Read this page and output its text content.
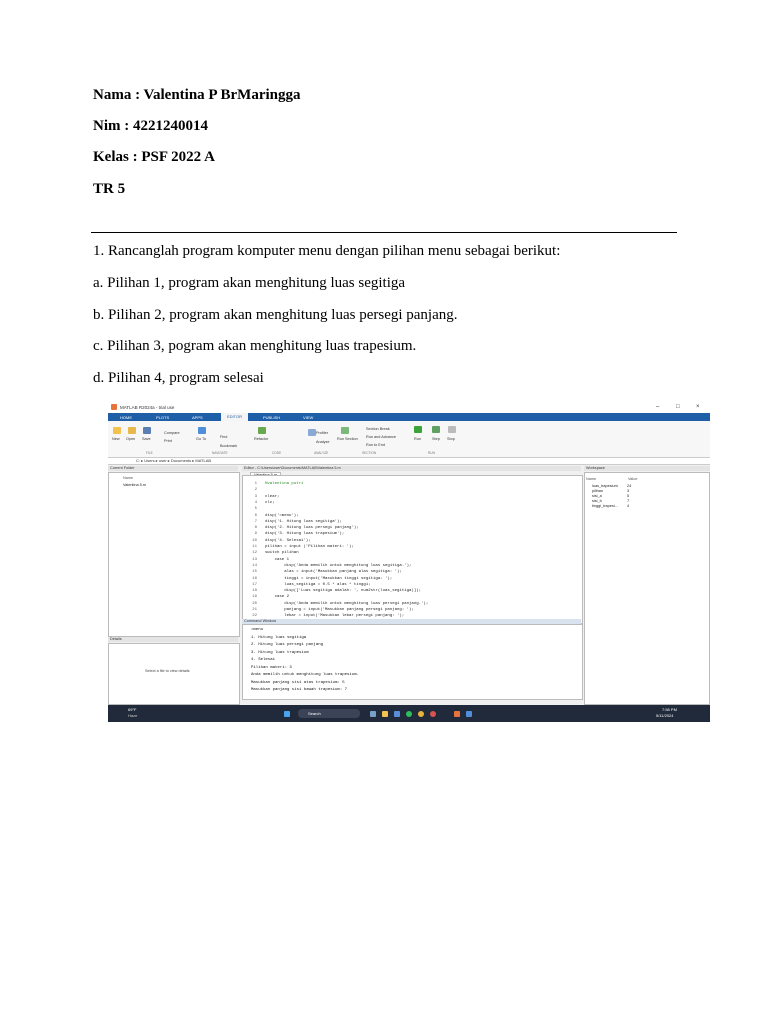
Nama : Valentina P BrMaringga
Nim : 4221240014
Kelas : PSF 2022 A
TR 5
1. Rancanglah program komputer menu dengan pilihan menu sebagai berikut:
a. Pilihan 1, program akan menghitung luas segitiga
b. Pilihan 2, program akan menghitung luas persegi panjang.
c. Pilihan 3, pogram akan menghitung luas trapesium.
d. Pilihan 4, program selesai
MATLAB R2024a - trial use	–	□	×
HOME	PLOTS	APPS	EDITOR	PUBLISH	VIEW
New Open Save
Compare
Print	Go To	Find
Bookmark
Refactor
Profiler
Analyze
Run Section
Section Break
Run and Advance
Run to End
Run	Step Stop
FILE	NAVIGATE	CODE	ANALYZE	SECTION	RUN
C: ▸ Users ▸ user ▸ Documents ▸ MATLAB
Current Folder
Name
Valentina 5.m
Details
Select a file to view details
Editor - C:\Users\user\Documents\MATLAB\Valentina 5.m
1 %valentina putri
2
3 clear;
4 clc;
5
6 disp('=menu');
7 disp('1. Hitung luas segitiga');
8 disp('2. Hitung luas persegi panjang');
9 disp('3. Hitung luas trapesium');
10 disp('4. Selesai');
11 pilihan = input ('Pilihan materi: ');
12 switch pilihan
13 case 1
14 disp('Anda memilih untuk menghitung luas segitiga.');
15 alas = input('Masukkan panjang alas segitiga: ');
16 tinggi = input('Masukkan tinggi segitiga: ');
17 luas_segitiga = 0.5 * alas * tinggi;
18 disp(['Luas segitiga adalah: ', num2str(luas_segitiga)]);
19 case 2
20 disp('Anda memilih untuk menghitung luas persegi panjang.');
21 panjang = input('Masukkan panjang persegi panjang: ');
22 lebar = input('Masukkan lebar persegi panjang: ');
Command Window
=menu
1. Hitung luas segitiga
2. Hitung luas persegi panjang
3. Hitung luas trapesium
4. Selesai
Pilihan materi: 3
Anda memilih untuk menghitung luas trapesium.
Masukkan panjang sisi atas trapesium: 5
Masukkan panjang sisi bawah trapesium: 7
Workspace
Name	Value
luas_trapesium 24
pilihan	3
sisi_a	5
sisi_b	7
tinggi_trapesi... 4
69°F
Haze	Search
7:58 PM
5/11/2024
